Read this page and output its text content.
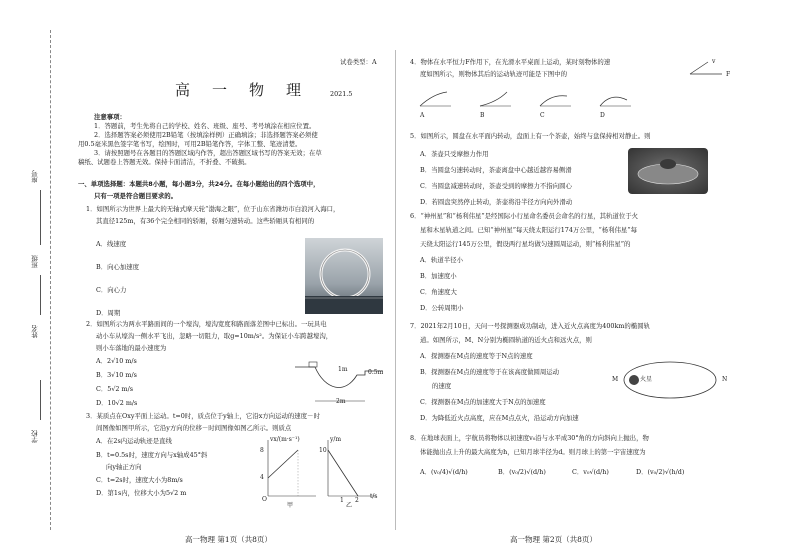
学校
姓名
班级
座号
试卷类型：A
高一物理 2021.5
注意事项：
1．答题前，考生先将自己的学校、姓名、班级、座号、考号填涂在相应位置。
2．选择题答案必须使用2B铅笔（按填涂样例）正确填涂；非选择题答案必须使
用0.5毫米黑色签字笔书写，绘图时，可用2B铅笔作答，字体工整、笔迹清楚。
3．请按照题号在各题目的答题区域内作答，超出答题区域书写的答案无效；在草
稿纸、试题卷上答题无效。保持卡面清洁，不折叠、不破损。
一、单项选择题：本题共8小题，每小题3分，共24分。在每小题给出的四个选项中，
只有一项是符合题目要求的。
1．如图所示为世界上最大的无轴式摩天轮“渤海之眼”，位于山东省潍坊市白浪河入海口，
其直径125m，有36个完全相同的轿厢，轿厢匀速转动。这些轿厢具有相同的
A．线速度
B．向心加速度
C．向心力
D．周期
2．如图所示为两水平路面间的一个壕沟，壕沟宽度和路面落差图中已标出。一玩具电
动小车从壕沟一侧水平飞出，忽略一切阻力，取g=10m/s²。为保证小车跨越壕沟，
则小车落地的最小速度为
A．2√10 m/s
B．3√10 m/s
C．5√2 m/s
D．10√2 m/s
1m	0.5m
2m
3．某质点在Oxy平面上运动。t=0时，质点位于y轴上，它沿x方向运动的速度－时
间图像如图甲所示，它沿y方向的位移－时间图像如图乙所示。则质点
A．在2s内运动轨迹是直线
B．t=0.5s时，速度方向与x轴成45°斜
向y轴正方向
C．t=2s时，速度大小为8m/s
D．第1s内，位移大小为5√2 m
vx/(m·s⁻¹)
8
4
O
甲
y/m
10
1 2
t/s
乙
高一物理 第1页（共8页）
4．物体在水平恒力F作用下，在光滑水平桌面上运动，某时刻物体的速
度如图所示，则物体其后的运动轨迹可能是下图中的
v
F
A	B	C	D
5．如图所示，圆盘在水平面内转动，盘面上有一个茶壶，始终与盘保持相对静止。则
A．茶壶只受摩擦力作用
B．当圆盘匀速转动时，茶壶离盘中心越近越容易侧滑
C．当圆盘减速转动时，茶壶受到的摩擦力不指向圆心
D．若圆盘突然停止转动，茶壶将沿半径方向向外滑动
6．“神州星”和“杨利伟星”是经国际小行星命名委员会命名的行星，其轨道位于火
星和木星轨道之间。已知“神州星”每天绕太阳运行174万公里，“杨利伟星”每
天绕太阳运行145万公里，假设两行星均做匀速圆周运动，则“杨利伟星”的
A．轨道半径小
B．加速度小
C．角速度大
D．公转周期小
7．2021年2月10日，天问一号探测器成功制动，进入近火点高度为400km的椭圆轨
道。如图所示，M、N分别为椭圆轨道的近火点和远火点，则
A．探测器在M点的速度等于N点的速度
B．探测器在M点的速度等于在该高度做圆周运动
的速度
C．探测器在M点的加速度大于N点的加速度
D．为降低近火点高度，应在M点点火，沿运动方向加速
M	N
火星
8．在地球表面上，宇航员将物体以初速度v₀沿与水平成30°角的方向斜向上抛出，物
体能抛出点上升的最大高度为h，已知月球半径为d。则月球上的第一宇宙速度为
A．(v₀/4)√(d/h)	B．(v₀/2)√(d/h)	C．v₀√(d/h)	D．(v₀/2)√(h/d)
高一物理 第2页（共8页）
